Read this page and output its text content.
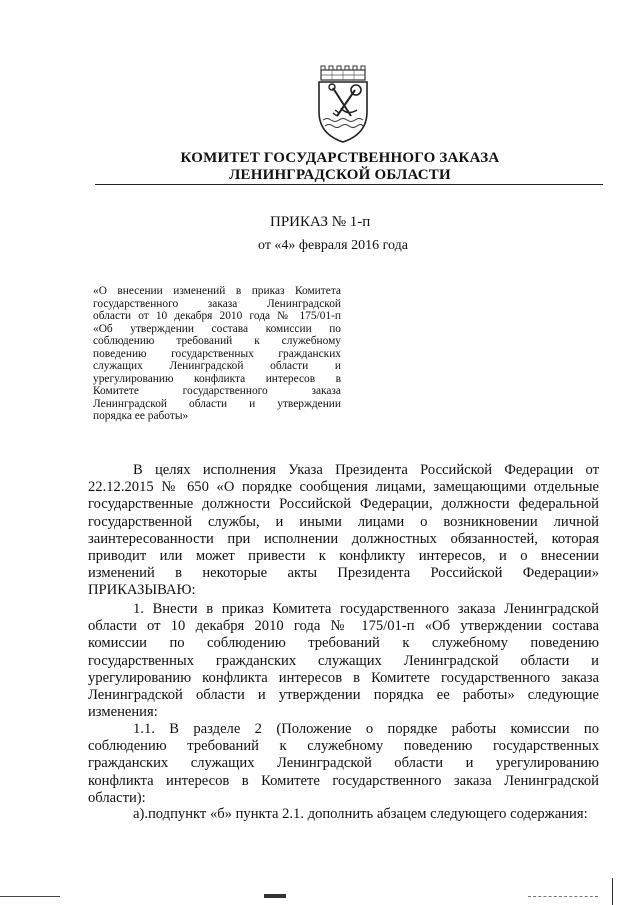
КОМИТЕТ ГОСУДАРСТВЕННОГО ЗАКАЗА
ЛЕНИНГРАДСКОЙ ОБЛАСТИ
ПРИКАЗ № 1-п
от «4» февраля 2016 года
«О внесении изменений в приказ Комитета
государственного заказа Ленинградской
области от 10 декабря 2010 года № 175/01-п
«Об утверждении состава комиссии по
соблюдению требований к служебному
поведению государственных гражданских
служащих Ленинградской области и
урегулированию конфликта интересов в
Комитете государственного заказа
Ленинградской области и утверждении
порядка ее работы»
В целях исполнения Указа Президента Российской Федерации от
22.12.2015 № 650 «О порядке сообщения лицами, замещающими отдельные
государственные должности Российской Федерации, должности федеральной
государственной службы, и иными лицами о возникновении личной
заинтересованности при исполнении должностных обязанностей, которая
приводит или может привести к конфликту интересов, и о внесении
изменений в некоторые акты Президента Российской Федерации»
ПРИКАЗЫВАЮ:
1. Внести в приказ Комитета государственного заказа Ленинградской
области от 10 декабря 2010 года № 175/01-п «Об утверждении состава
комиссии по соблюдению требований к служебному поведению
государственных гражданских служащих Ленинградской области и
урегулированию конфликта интересов в Комитете государственного заказа
Ленинградской области и утверждении порядка ее работы» следующие
изменения:
1.1. В разделе 2 (Положение о порядке работы комиссии по
соблюдению требований к служебному поведению государственных
гражданских служащих Ленинградской области и урегулированию
конфликта интересов в Комитете государственного заказа Ленинградской
области):
а).подпункт «б» пункта 2.1. дополнить абзацем следующего содержания:
